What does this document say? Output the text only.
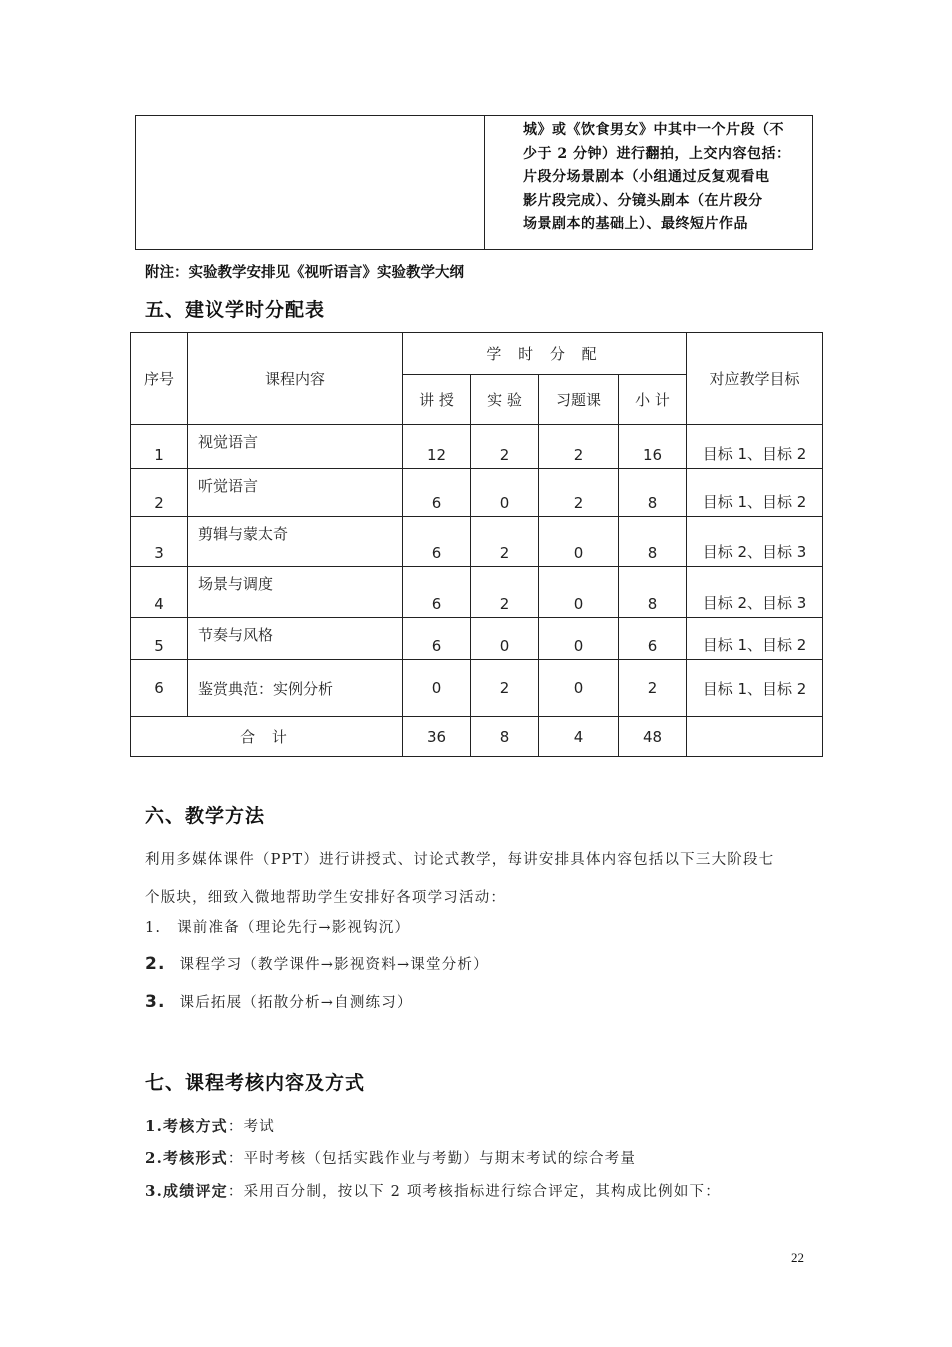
城》或《饮食男女》中其中一个片段（不
少于 2 分钟）进行翻拍，上交内容包括：
片段分场景剧本（小组通过反复观看电
影片段完成）、分镜头剧本（在片段分
场景剧本的基础上）、最终短片作品
附注：实验教学安排见《视听语言》实验教学大纲
五、建议学时分配表
序号	课程内容	学 时 分 配				对应教学目标
		讲 授	实 验	习题课	小 计	
1	视觉语言	12	2	2	16	目标 1、目标 2
2	听觉语言	6	0	2	8	目标 1、目标 2
3	剪辑与蒙太奇	6	2	0	8	目标 2、目标 3
4	场景与调度	6	2	0	8	目标 2、目标 3
5	节奏与风格	6	0	0	6	目标 1、目标 2
6	鉴赏典范：实例分析	0	2	0	2	目标 1、目标 2
合 计		36	8	4	48	
六、教学方法
利用多媒体课件（PPT）进行讲授式、讨论式教学，每讲安排具体内容包括以下三大阶段七
个版块，细致入微地帮助学生安排好各项学习活动：
1. 课前准备（理论先行→影视钩沉）
2. 课程学习（教学课件→影视资料→课堂分析）
3. 课后拓展（拓散分析→自测练习）
七、课程考核内容及方式
1.考核方式：考试
2.考核形式：平时考核（包括实践作业与考勤）与期末考试的综合考量
3.成绩评定：采用百分制，按以下 2 项考核指标进行综合评定，其构成比例如下：
22
